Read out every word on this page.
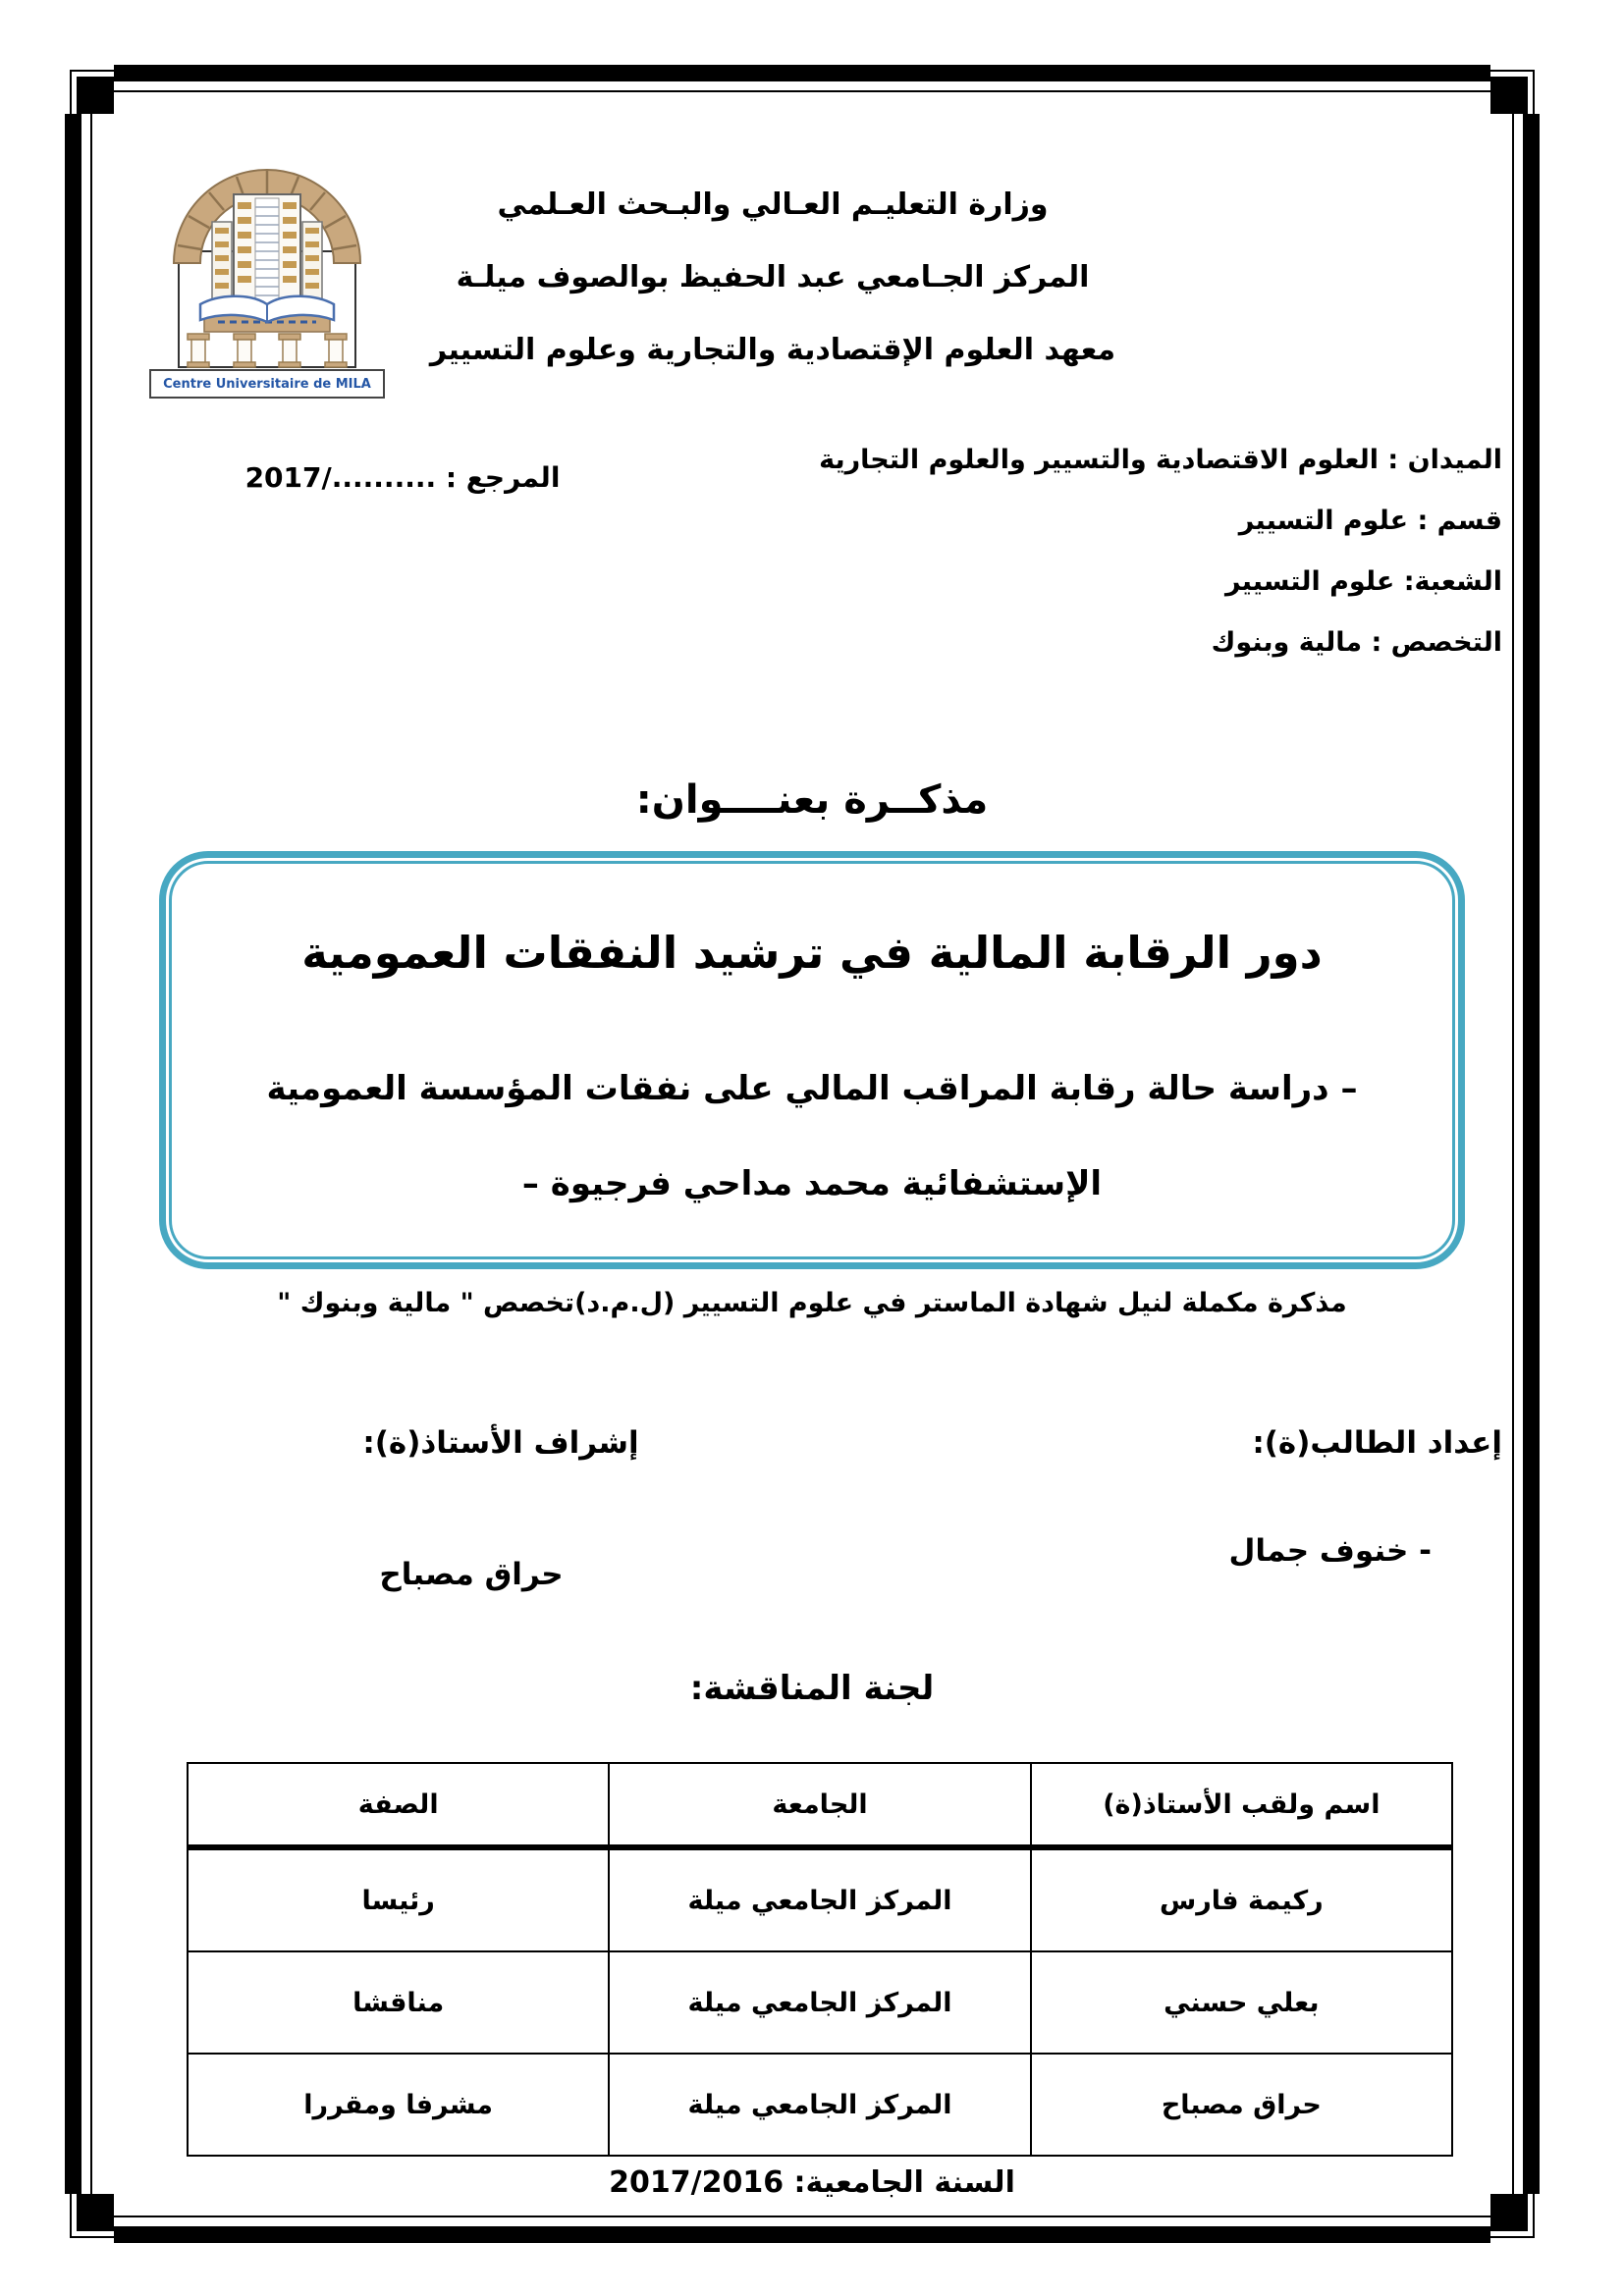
Centre Universitaire de MILA
وزارة التعليـم العـالي والبـحث العـلمي
المركز الجـامعي عبد الحفيظ بوالصوف ميلـة
معهد العلوم الإقتصادية والتجارية وعلوم التسيير
الميدان : العلوم الاقتصادية والتسيير والعلوم التجارية
قسم : علوم التسيير
الشعبة: علوم التسيير
التخصص : مالية وبنوك
المرجع : ........../2017
مذكــرة بعنــــوان:
دور الرقابة المالية في ترشيد النفقات العمومية
– دراسة حالة رقابة المراقب المالي على نفقات المؤسسة العمومية
الإستشفائية محمد مداحي فرجيوة –
مذكرة مكملة لنيل شهادة الماستر في علوم التسيير (ل.م.د)تخصص " مالية وبنوك "
إعداد الطالب(ة):
إشراف الأستاذ(ة):
- خنوف جمال
حراق مصباح
لجنة المناقشة:
اسم ولقب الأستاذ(ة)	الجامعة	الصفة
ركيمة فارس	المركز الجامعي ميلة	رئيسا
بعلي حسني	المركز الجامعي ميلة	مناقشا
حراق مصباح	المركز الجامعي ميلة	مشرفا ومقررا
السنة الجامعية: 2017/2016
